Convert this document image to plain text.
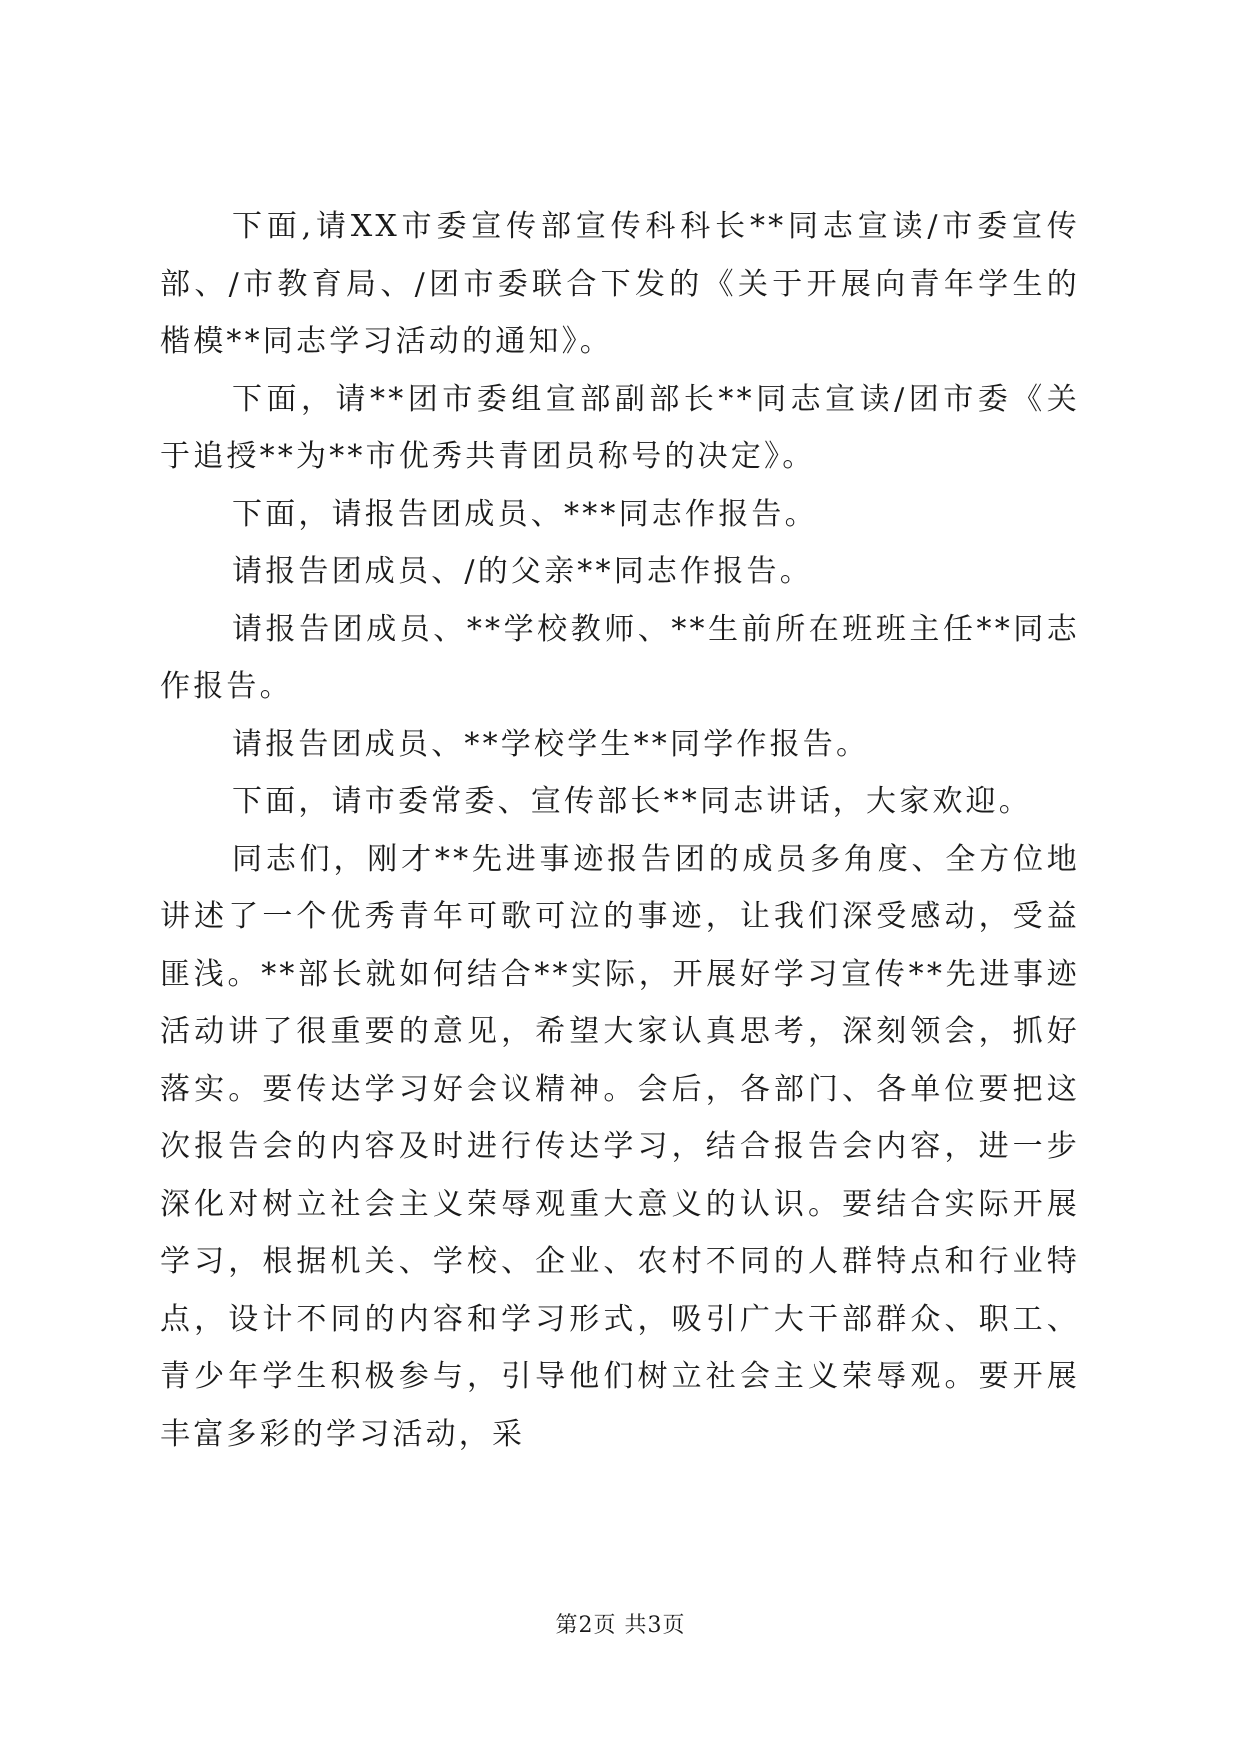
下面,请XX市委宣传部宣传科科长**同志宣读/市委宣传部、/市教育局、/团市委联合下发的《关于开展向青年学生的楷模**同志学习活动的通知》。

下面，请**团市委组宣部副部长**同志宣读/团市委《关于追授**为**市优秀共青团员称号的决定》。

下面，请报告团成员、***同志作报告。

请报告团成员、/的父亲**同志作报告。

请报告团成员、**学校教师、**生前所在班班主任**同志作报告。

请报告团成员、**学校学生**同学作报告。

下面，请市委常委、宣传部长**同志讲话，大家欢迎。

同志们，刚才**先进事迹报告团的成员多角度、全方位地讲述了一个优秀青年可歌可泣的事迹，让我们深受感动，受益匪浅。**部长就如何结合**实际，开展好学习宣传**先进事迹活动讲了很重要的意见，希望大家认真思考，深刻领会，抓好落实。要传达学习好会议精神。会后，各部门、各单位要把这次报告会的内容及时进行传达学习，结合报告会内容，进一步深化对树立社会主义荣辱观重大意义的认识。要结合实际开展学习，根据机关、学校、企业、农村不同的人群特点和行业特点，设计不同的内容和学习形式，吸引广大干部群众、职工、青少年学生积极参与，引导他们树立社会主义荣辱观。要开展丰富多彩的学习活动，采

第2页 共3页
